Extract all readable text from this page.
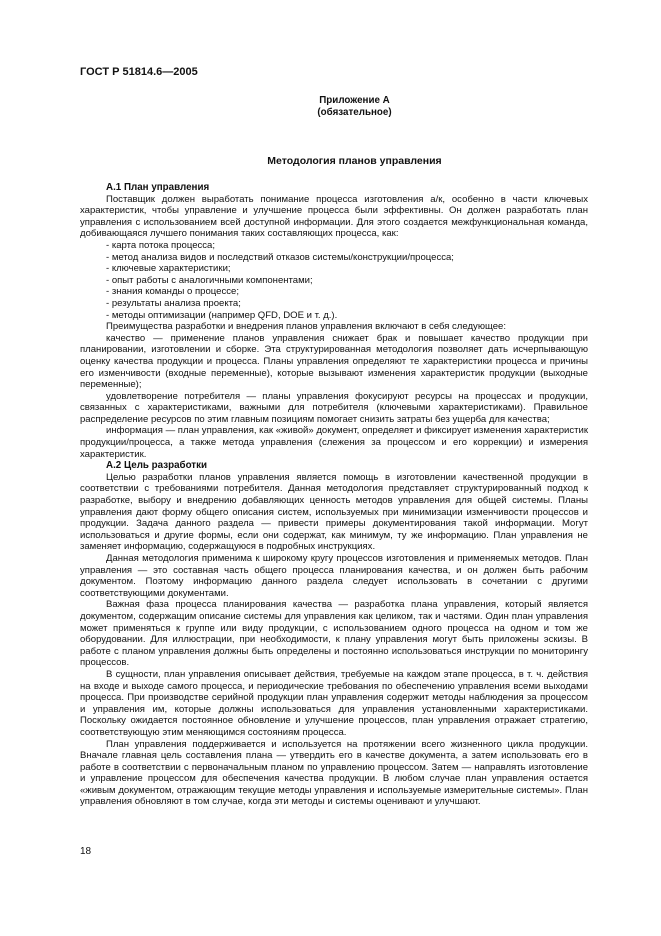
ГОСТ Р 51814.6—2005
Приложение А
(обязательное)
Методология планов управления
А.1 План управления

Поставщик должен выработать понимание процесса изготовления а/к, особенно в части ключевых характеристик, чтобы управление и улучшение процесса были эффективны. Он должен разработать план управления с использованием всей доступной информации. Для этого создается межфункциональная команда, добивающаяся лучшего понимания таких составляющих процесса, как:

- карта потока процесса;

- метод анализа видов и последствий отказов системы/конструкции/процесса;

- ключевые характеристики;

- опыт работы с аналогичными компонентами;

- знания команды о процессе;

- результаты анализа проекта;

- методы оптимизации (например QFD, DOE и т. д.).

Преимущества разработки и внедрения планов управления включают в себя следующее:

качество — применение планов управления снижает брак и повышает качество продукции при планировании, изготовлении и сборке. Эта структурированная методология позволяет дать исчерпывающую оценку качества продукции и процесса. Планы управления определяют те характеристики процесса и причины его изменчивости (входные переменные), которые вызывают изменения характеристик продукции (выходные переменные);

удовлетворение потребителя — планы управления фокусируют ресурсы на процессах и продукции, связанных с характеристиками, важными для потребителя (ключевыми характеристиками). Правильное распределение ресурсов по этим главным позициям помогает снизить затраты без ущерба для качества;

информация — план управления, как «живой» документ, определяет и фиксирует изменения характеристик продукции/процесса, а также метода управления (слежения за процессом и его коррекции) и измерения характеристик.

А.2 Цель разработки

Целью разработки планов управления является помощь в изготовлении качественной продукции в соответствии с требованиями потребителя. Данная методология представляет структурированный подход к разработке, выбору и внедрению добавляющих ценность методов управления для общей системы. Планы управления дают форму общего описания систем, используемых при минимизации изменчивости процессов и продукции. Задача данного раздела — привести примеры документирования такой информации. Могут использоваться и другие формы, если они содержат, как минимум, ту же информацию. План управления не заменяет информацию, содержащуюся в подробных инструкциях.

Данная методология применима к широкому кругу процессов изготовления и применяемых методов. План управления — это составная часть общего процесса планирования качества, и он должен быть рабочим документом. Поэтому информацию данного раздела следует использовать в сочетании с другими соответствующими документами.

Важная фаза процесса планирования качества — разработка плана управления, который является документом, содержащим описание системы для управления как целиком, так и частями. Один план управления может применяться к группе или виду продукции, с использованием одного процесса на одном и том же оборудовании. Для иллюстрации, при необходимости, к плану управления могут быть приложены эскизы. В работе с планом управления должны быть определены и постоянно использоваться инструкции по мониторингу процессов.

В сущности, план управления описывает действия, требуемые на каждом этапе процесса, в т. ч. действия на входе и выходе самого процесса, и периодические требования по обеспечению управления всеми выходами процесса. При производстве серийной продукции план управления содержит методы наблюдения за процессом и управления им, которые должны использоваться для управления установленными характеристиками. Поскольку ожидается постоянное обновление и улучшение процессов, план управления отражает стратегию, соответствующую этим меняющимся состояниям процесса.

План управления поддерживается и используется на протяжении всего жизненного цикла продукции. Вначале главная цель составления плана — утвердить его в качестве документа, а затем использовать его в работе в соответствии с первоначальным планом по управлению процессом. Затем — направлять изготовление и управление процессом для обеспечения качества продукции. В любом случае план управления остается «живым документом, отражающим текущие методы управления и используемые измерительные системы». План управления обновляют в том случае, когда эти методы и системы оценивают и улучшают.

18
